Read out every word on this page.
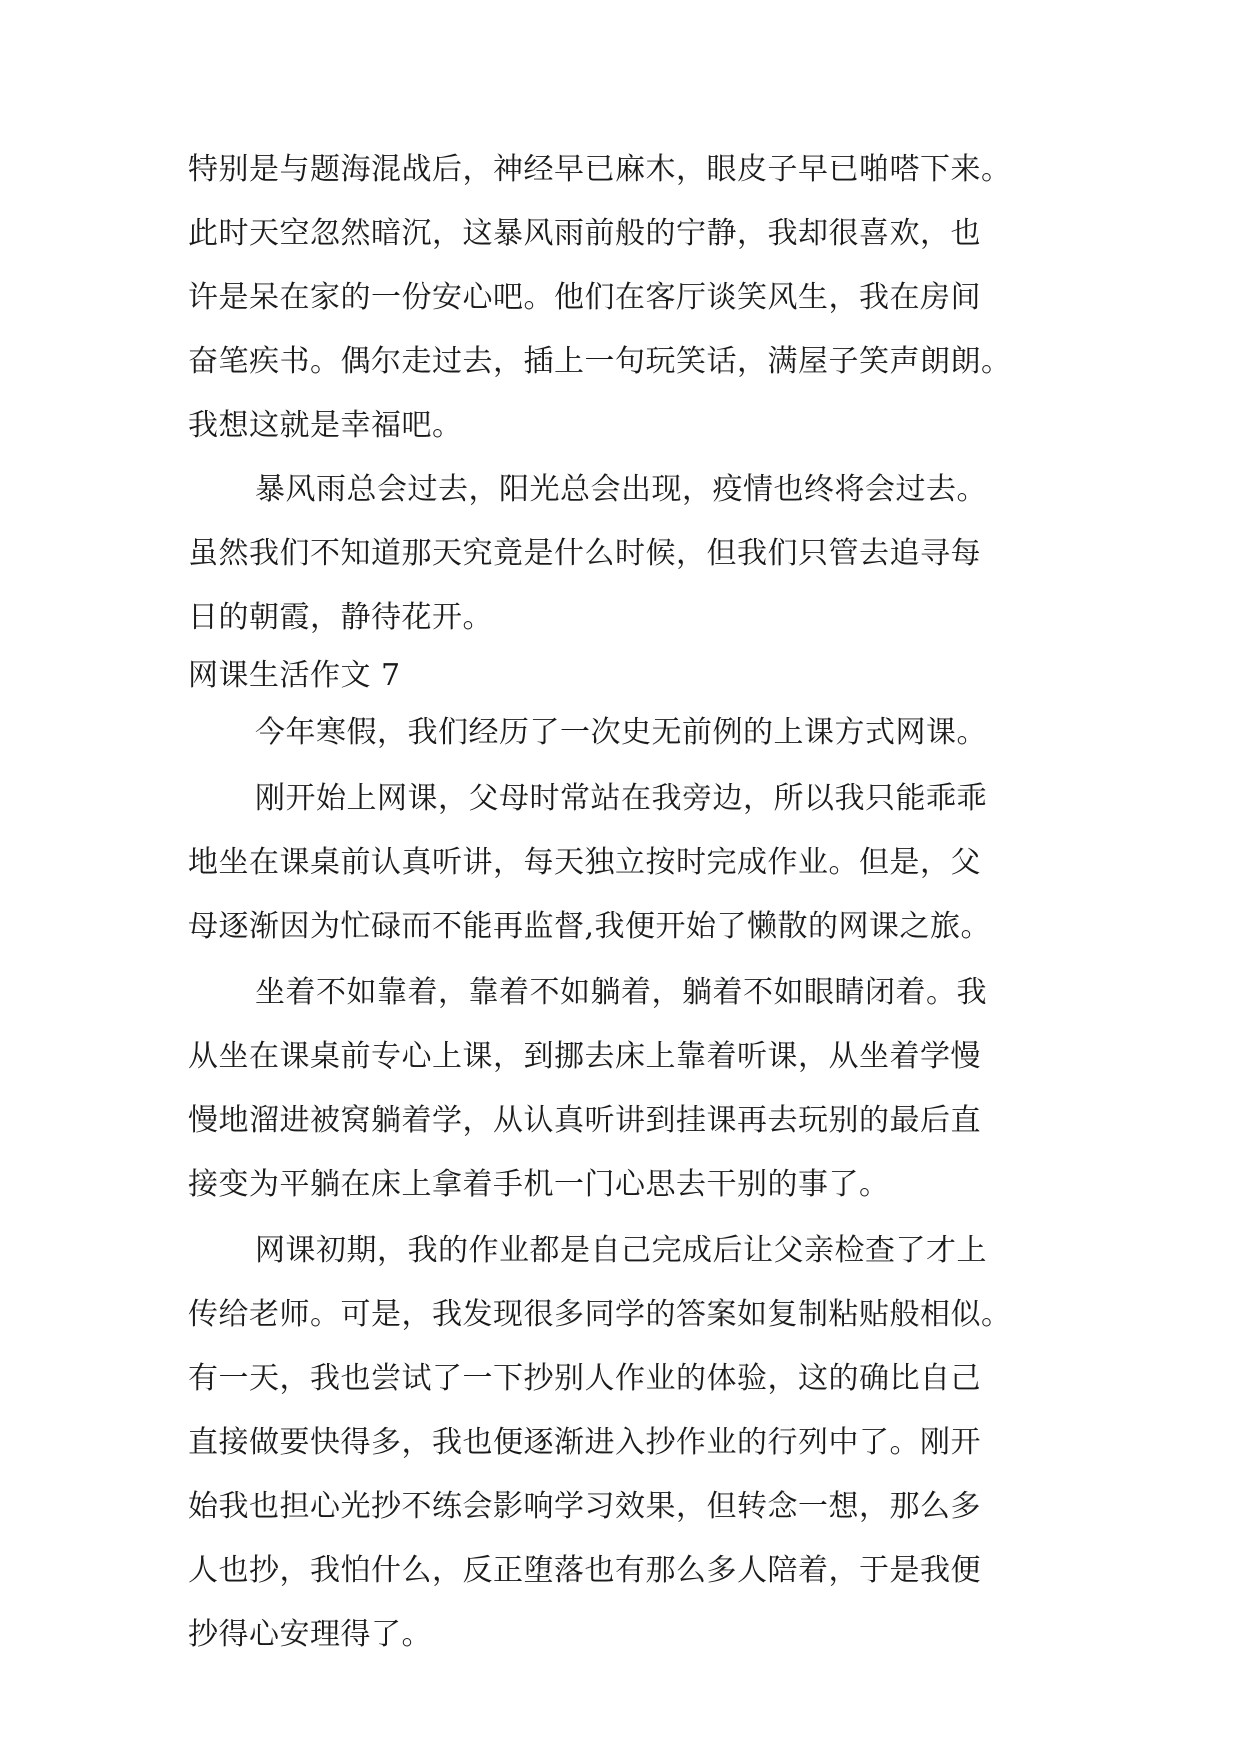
特别是与题海混战后，神经早已麻木，眼皮子早已啪嗒下来。
此时天空忽然暗沉，这暴风雨前般的宁静，我却很喜欢，也
许是呆在家的一份安心吧。他们在客厅谈笑风生，我在房间
奋笔疾书。偶尔走过去，插上一句玩笑话，满屋子笑声朗朗。
我想这就是幸福吧。
暴风雨总会过去，阳光总会出现，疫情也终将会过去。
虽然我们不知道那天究竟是什么时候，但我们只管去追寻每
日的朝霞，静待花开。
网课生活作文 7
今年寒假，我们经历了一次史无前例的上课方式网课。
刚开始上网课，父母时常站在我旁边，所以我只能乖乖
地坐在课桌前认真听讲，每天独立按时完成作业。但是，父
母逐渐因为忙碌而不能再监督,我便开始了懒散的网课之旅。
坐着不如靠着，靠着不如躺着，躺着不如眼睛闭着。我
从坐在课桌前专心上课，到挪去床上靠着听课，从坐着学慢
慢地溜进被窝躺着学，从认真听讲到挂课再去玩别的最后直
接变为平躺在床上拿着手机一门心思去干别的事了。
网课初期，我的作业都是自己完成后让父亲检查了才上
传给老师。可是，我发现很多同学的答案如复制粘贴般相似。
有一天，我也尝试了一下抄别人作业的体验，这的确比自己
直接做要快得多，我也便逐渐进入抄作业的行列中了。刚开
始我也担心光抄不练会影响学习效果，但转念一想，那么多
人也抄，我怕什么，反正堕落也有那么多人陪着，于是我便
抄得心安理得了。
